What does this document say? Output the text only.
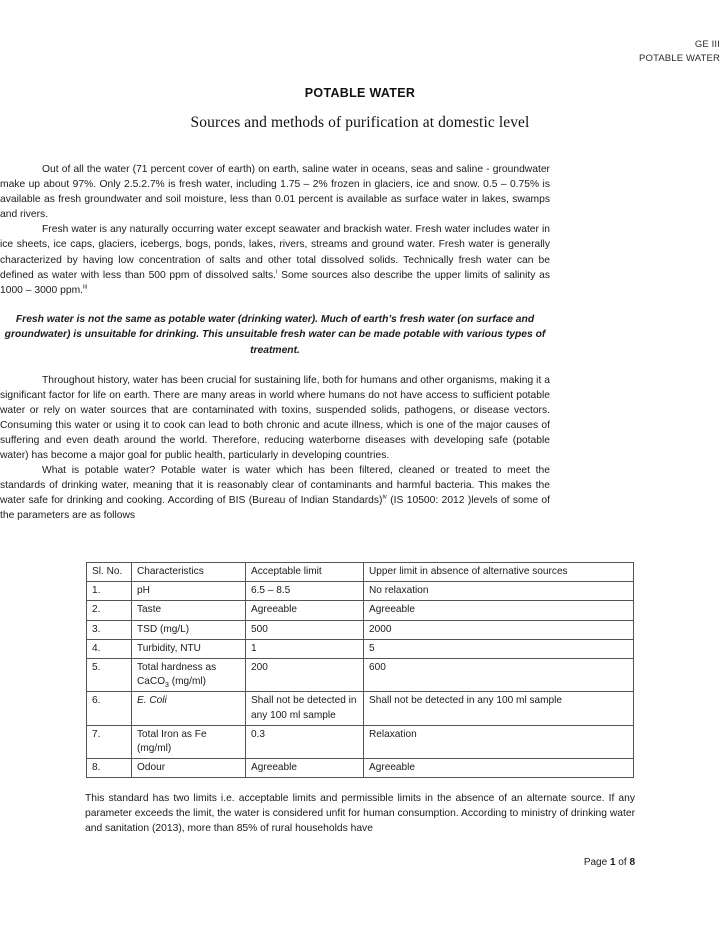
GE III
POTABLE WATER
POTABLE WATER
Sources and methods of purification at domestic level

Out of all the water (71 percent cover of earth) on earth, saline water in oceans, seas and saline - groundwater make up about 97%. Only 2.5.2.7% is fresh water, including 1.75 – 2% frozen in glaciers, ice and snow. 0.5 – 0.75% is available as fresh groundwater and soil moisture, less than 0.01 percent is available as surface water in lakes, swamps and rivers.

Fresh water is any naturally occurring water except seawater and brackish water. Fresh water includes water in ice sheets, ice caps, glaciers, icebergs, bogs, ponds, lakes, rivers, streams and ground water. Fresh water is generally characterized by having low concentration of salts and other total dissolved solids. Technically fresh water can be defined as water with less than 500 ppm of dissolved salts.$^i$ Some sources also describe the upper limits of salinity as 1000 – 3000 ppm.$^{iii}$

Fresh water is not the same as potable water (drinking water). Much of earth’s fresh water (on surface and groundwater) is unsuitable for drinking. This unsuitable fresh water can be made potable with various types of treatment.

Throughout history, water has been crucial for sustaining life, both for humans and other organisms, making it a significant factor for life on earth. There are many areas in world where humans do not have access to sufficient potable water or rely on water sources that are contaminated with toxins, suspended solids, pathogens, or disease vectors. Consuming this water or using it to cook can lead to both chronic and acute illness, which is one of the major causes of suffering and even death around the world. Therefore, reducing waterborne diseases with developing safe (potable water) has become a major goal for public health, particularly in developing countries.

What is potable water? Potable water is water which has been filtered, cleaned or treated to meet the standards of drinking water, meaning that it is reasonably clear of contaminants and harmful bacteria. This makes the water safe for drinking and cooking. According of BIS (Bureau of Indian Standards)$^{iv}$ (IS 10500: 2012 )levels of some of the parameters are as follows

Sl. No.	Characteristics	Acceptable limit	Upper limit in absence of alternative sources
1.	pH	6.5 – 8.5	No relaxation
2.	Taste	Agreeable	Agreeable
3.	TSD (mg/L)	500	2000
4.	Turbidity, NTU	1	5
5.	Total hardness as CaCO$_3$ (mg/ml)	200	600
6.	E. Coli	Shall not be detected in any 100 ml sample	Shall not be detected in any 100 ml sample
7.	Total Iron as Fe (mg/ml)	0.3	Relaxation
8.	Odour	Agreeable	Agreeable
This standard has two limits i.e. acceptable limits and permissible limits in the absence of an alternate source. If any parameter exceeds the limit, the water is considered unfit for human consumption. According to ministry of drinking water and sanitation (2013), more than 85% of rural households have
Page 1 of 8
